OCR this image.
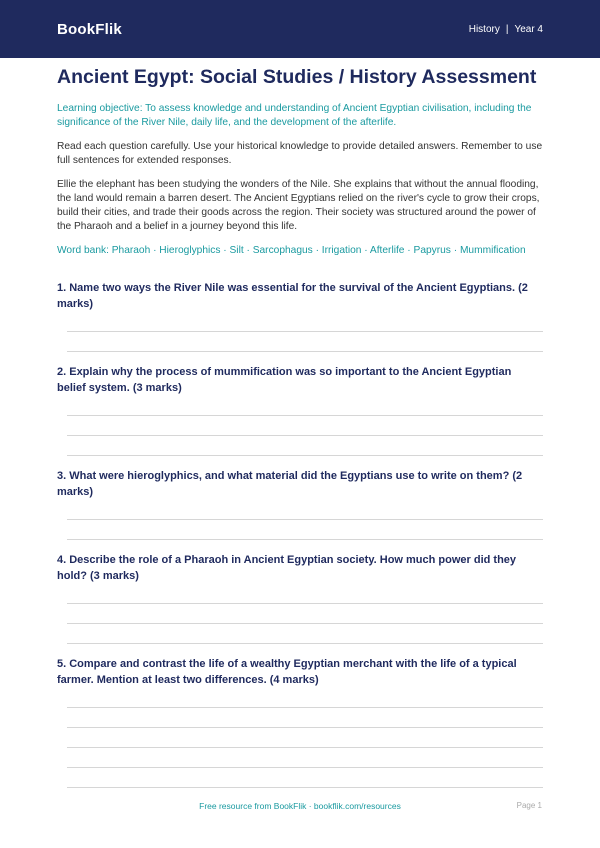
BookFlik	History | Year 4
Ancient Egypt: Social Studies / History Assessment

Learning objective: To assess knowledge and understanding of Ancient Egyptian civilisation, including the significance of the River Nile, daily life, and the development of the afterlife.

Read each question carefully. Use your historical knowledge to provide detailed answers. Remember to use full sentences for extended responses.

Ellie the elephant has been studying the wonders of the Nile. She explains that without the annual flooding, the land would remain a barren desert. The Ancient Egyptians relied on the river's cycle to grow their crops, build their cities, and trade their goods across the region. Their society was structured around the power of the Pharaoh and a belief in a journey beyond this life.

Word bank: Pharaoh · Hieroglyphics · Silt · Sarcophagus · Irrigation · Afterlife · Papyrus · Mummification

1. Name two ways the River Nile was essential for the survival of the Ancient Egyptians. (2 marks)
2. Explain why the process of mummification was so important to the Ancient Egyptian belief system. (3 marks)
3. What were hieroglyphics, and what material did the Egyptians use to write on them? (2 marks)
4. Describe the role of a Pharaoh in Ancient Egyptian society. How much power did they hold? (3 marks)
5. Compare and contrast the life of a wealthy Egyptian merchant with the life of a typical farmer. Mention at least two differences. (4 marks)
Free resource from BookFlik · bookflik.com/resources	Page 1
